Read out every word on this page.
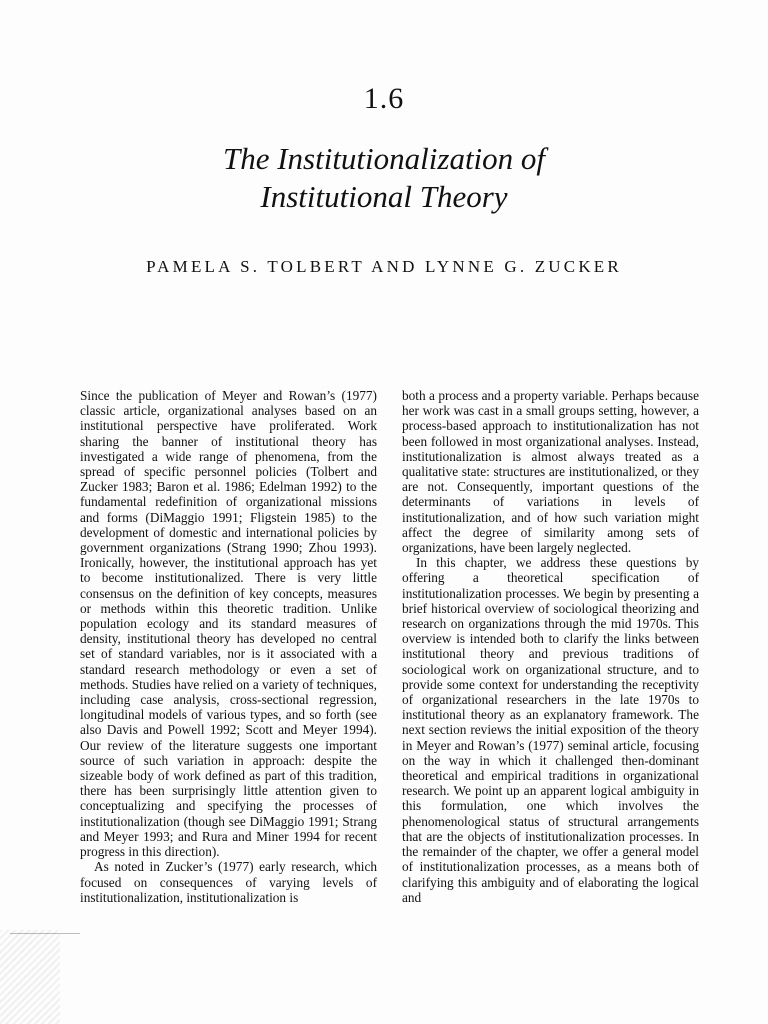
1.6
The Institutionalization of
Institutional Theory
PAMELA S. TOLBERT AND LYNNE G. ZUCKER

Since the publication of Meyer and Rowan’s (1977) classic article, organizational analyses based on an institutional perspective have proliferated. Work sharing the banner of institutional theory has investigated a wide range of phenomena, from the spread of specific personnel policies (Tolbert and Zucker 1983; Baron et al. 1986; Edelman 1992) to the fundamental redefinition of organizational missions and forms (DiMaggio 1991; Fligstein 1985) to the development of domestic and international policies by government organizations (Strang 1990; Zhou 1993). Ironically, however, the institutional approach has yet to become institutionalized. There is very little consensus on the definition of key concepts, measures or methods within this theoretic tradition. Unlike population ecology and its standard measures of density, institutional theory has developed no central set of standard variables, nor is it associated with a standard research methodology or even a set of methods. Studies have relied on a variety of techniques, including case analysis, cross-sectional regression, longitudinal models of various types, and so forth (see also Davis and Powell 1992; Scott and Meyer 1994). Our review of the literature suggests one important source of such variation in approach: despite the sizeable body of work defined as part of this tradition, there has been surprisingly little attention given to conceptualizing and specifying the processes of institutionalization (though see DiMaggio 1991; Strang and Meyer 1993; and Rura and Miner 1994 for recent progress in this direction).

As noted in Zucker’s (1977) early research, which focused on consequences of varying levels of institutionalization, institutionalization is

both a process and a property variable. Perhaps because her work was cast in a small groups setting, however, a process-based approach to institutionalization has not been followed in most organizational analyses. Instead, institutionalization is almost always treated as a qualitative state: structures are institutionalized, or they are not. Consequently, important questions of the determinants of variations in levels of institutionalization, and of how such variation might affect the degree of similarity among sets of organizations, have been largely neglected.

In this chapter, we address these questions by offering a theoretical specification of institutionalization processes. We begin by presenting a brief historical overview of sociological theorizing and research on organizations through the mid 1970s. This overview is intended both to clarify the links between institutional theory and previous traditions of sociological work on organizational structure, and to provide some context for understanding the receptivity of organizational researchers in the late 1970s to institutional theory as an explanatory framework. The next section reviews the initial exposition of the theory in Meyer and Rowan’s (1977) seminal article, focusing on the way in which it challenged then-dominant theoretical and empirical traditions in organizational research. We point up an apparent logical ambiguity in this formulation, one which involves the phenomenological status of structural arrangements that are the objects of institutionalization processes. In the remainder of the chapter, we offer a general model of institutionalization processes, as a means both of clarifying this ambiguity and of elaborating the logical and
